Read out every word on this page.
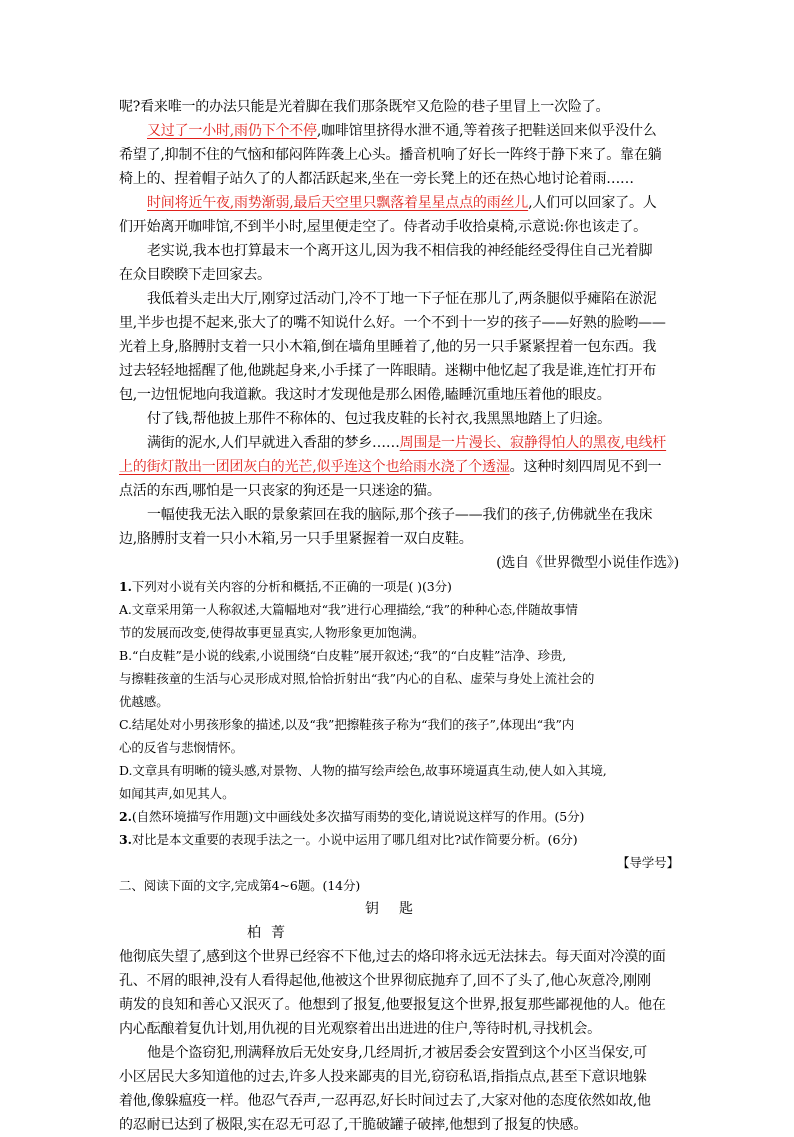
呢?看来唯一的办法只能是光着脚在我们那条既窄又危险的巷子里冒上一次险了。
又过了一小时,雨仍下个不停,咖啡馆里挤得水泄不通,等着孩子把鞋送回来似乎没什么
希望了,抑制不住的气恼和郁闷阵阵袭上心头。播音机响了好长一阵终于静下来了。靠在躺
椅上的、捏着帽子站久了的人都活跃起来,坐在一旁长凳上的还在热心地讨论着雨……
时间将近午夜,雨势渐弱,最后天空里只飘落着星星点点的雨丝儿,人们可以回家了。人
们开始离开咖啡馆,不到半小时,屋里便走空了。侍者动手收拾桌椅,示意说:你也该走了。
老实说,我本也打算最末一个离开这儿,因为我不相信我的神经能经受得住自己光着脚
在众目睽睽下走回家去。
我低着头走出大厅,刚穿过活动门,冷不丁地一下子怔在那儿了,两条腿似乎瘫陷在淤泥
里,半步也提不起来,张大了的嘴不知说什么好。一个不到十一岁的孩子——好熟的脸哟——
光着上身,胳膊肘支着一只小木箱,倒在墙角里睡着了,他的另一只手紧紧捏着一包东西。我
过去轻轻地摇醒了他,他跳起身来,小手揉了一阵眼睛。迷糊中他忆起了我是谁,连忙打开布
包,一边忸怩地向我道歉。我这时才发现他是那么困倦,瞌睡沉重地压着他的眼皮。
付了钱,帮他披上那件不称体的、包过我皮鞋的长衬衣,我黑黑地踏上了归途。
满街的泥水,人们早就进入香甜的梦乡……周围是一片漫长、寂静得怕人的黑夜,电线杆
上的街灯散出一团团灰白的光芒,似乎连这个也给雨水浇了个透湿。这种时刻四周见不到一
点活的东西,哪怕是一只丧家的狗还是一只迷途的猫。
一幅使我无法入眠的景象萦回在我的脑际,那个孩子——我们的孩子,仿佛就坐在我床
边,胳膊肘支着一只小木箱,另一只手里紧握着一双白皮鞋。
(选自《世界微型小说佳作选》)
1.下列对小说有关内容的分析和概括,不正确的一项是( )(3分)
A.文章采用第一人称叙述,大篇幅地对“我”进行心理描绘,“我”的种种心态,伴随故事情
节的发展而改变,使得故事更显真实,人物形象更加饱满。
B.“白皮鞋”是小说的线索,小说围绕“白皮鞋”展开叙述;“我”的“白皮鞋”洁净、珍贵,
与擦鞋孩童的生活与心灵形成对照,恰恰折射出“我”内心的自私、虚荣与身处上流社会的
优越感。
C.结尾处对小男孩形象的描述,以及“我”把擦鞋孩子称为“我们的孩子”,体现出“我”内
心的反省与悲悯情怀。
D.文章具有明晰的镜头感,对景物、人物的描写绘声绘色,故事环境逼真生动,使人如入其境,
如闻其声,如见其人。
2.(自然环境描写作用题)文中画线处多次描写雨势的变化,请说说这样写的作用。(5分)
3.对比是本文重要的表现手法之一。小说中运用了哪几组对比?试作简要分析。(6分)
【导学号】
二、阅读下面的文字,完成第4~6题。(14分)
钥匙
柏菁
他彻底失望了,感到这个世界已经容不下他,过去的烙印将永远无法抹去。每天面对冷漠的面
孔、不屑的眼神,没有人看得起他,他被这个世界彻底抛弃了,回不了头了,他心灰意冷,刚刚
萌发的良知和善心又泯灭了。他想到了报复,他要报复这个世界,报复那些鄙视他的人。他在
内心酝酿着复仇计划,用仇视的目光观察着出出进进的住户,等待时机,寻找机会。
他是个盗窃犯,刑满释放后无处安身,几经周折,才被居委会安置到这个小区当保安,可
小区居民大多知道他的过去,许多人投来鄙夷的目光,窃窃私语,指指点点,甚至下意识地躲
着他,像躲瘟疫一样。他忍气吞声,一忍再忍,好长时间过去了,大家对他的态度依然如故,他
的忍耐已达到了极限,实在忍无可忍了,干脆破罐子破摔,他想到了报复的快感。
